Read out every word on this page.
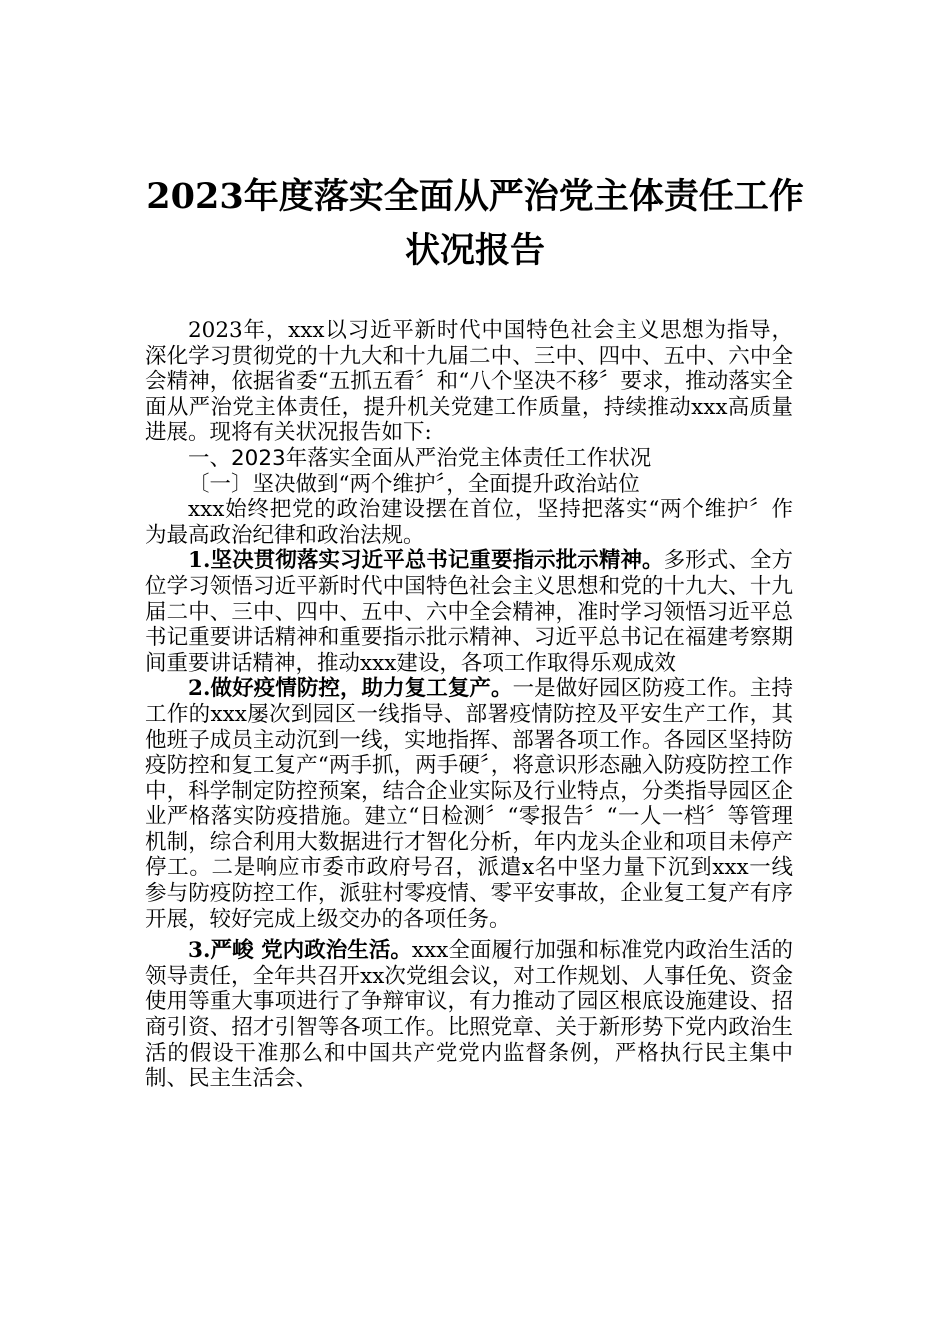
2023年度落实全面从严治党主体责任工作状况报告

2023年，xxx以习近平新时代中国特色社会主义思想为指导，深化学习贯彻党的十九大和十九届二中、三中、四中、五中、六中全会精神，依据省委“五抓五看〞和“八个坚决不移〞要求，推动落实全面从严治党主体责任，提升机关党建工作质量，持续推动xxx高质量进展。现将有关状况报告如下:

一、2023年落实全面从严治党主体责任工作状况

〔一〕坚决做到“两个维护〞，全面提升政治站位

xxx始终把党的政治建设摆在首位，坚持把落实“两个维护〞作为最高政治纪律和政治法规。

1.坚决贯彻落实习近平总书记重要指示批示精神。多形式、全方位学习领悟习近平新时代中国特色社会主义思想和党的十九大、十九届二中、三中、四中、五中、六中全会精神，准时学习领悟习近平总书记重要讲话精神和重要指示批示精神、习近平总书记在福建考察期间重要讲话精神，推动xxx建设，各项工作取得乐观成效

2.做好疫情防控，助力复工复产。一是做好园区防疫工作。主持工作的xxx屡次到园区一线指导、部署疫情防控及平安生产工作，其他班子成员主动沉到一线，实地指挥、部署各项工作。各园区坚持防疫防控和复工复产“两手抓，两手硬〞，将意识形态融入防疫防控工作中，科学制定防控预案，结合企业实际及行业特点，分类指导园区企业严格落实防疫措施。建立“日检测〞“零报告〞“一人一档〞等管理机制，综合利用大数据进行才智化分析，年内龙头企业和项目未停产停工。二是响应市委市政府号召，派遣x名中坚力量下沉到xxx一线参与防疫防控工作，派驻村零疫情、零平安事故，企业复工复产有序开展，较好完成上级交办的各项任务。

3.严峻 党内政治生活。xxx全面履行加强和标准党内政治生活的领导责任，全年共召开xx次党组会议，对工作规划、人事任免、资金使用等重大事项进行了争辩审议，有力推动了园区根底设施建设、招商引资、招才引智等各项工作。比照党章、关于新形势下党内政治生活的假设干准那么和中国共产党党内监督条例，严格执行民主集中制、民主生活会、
